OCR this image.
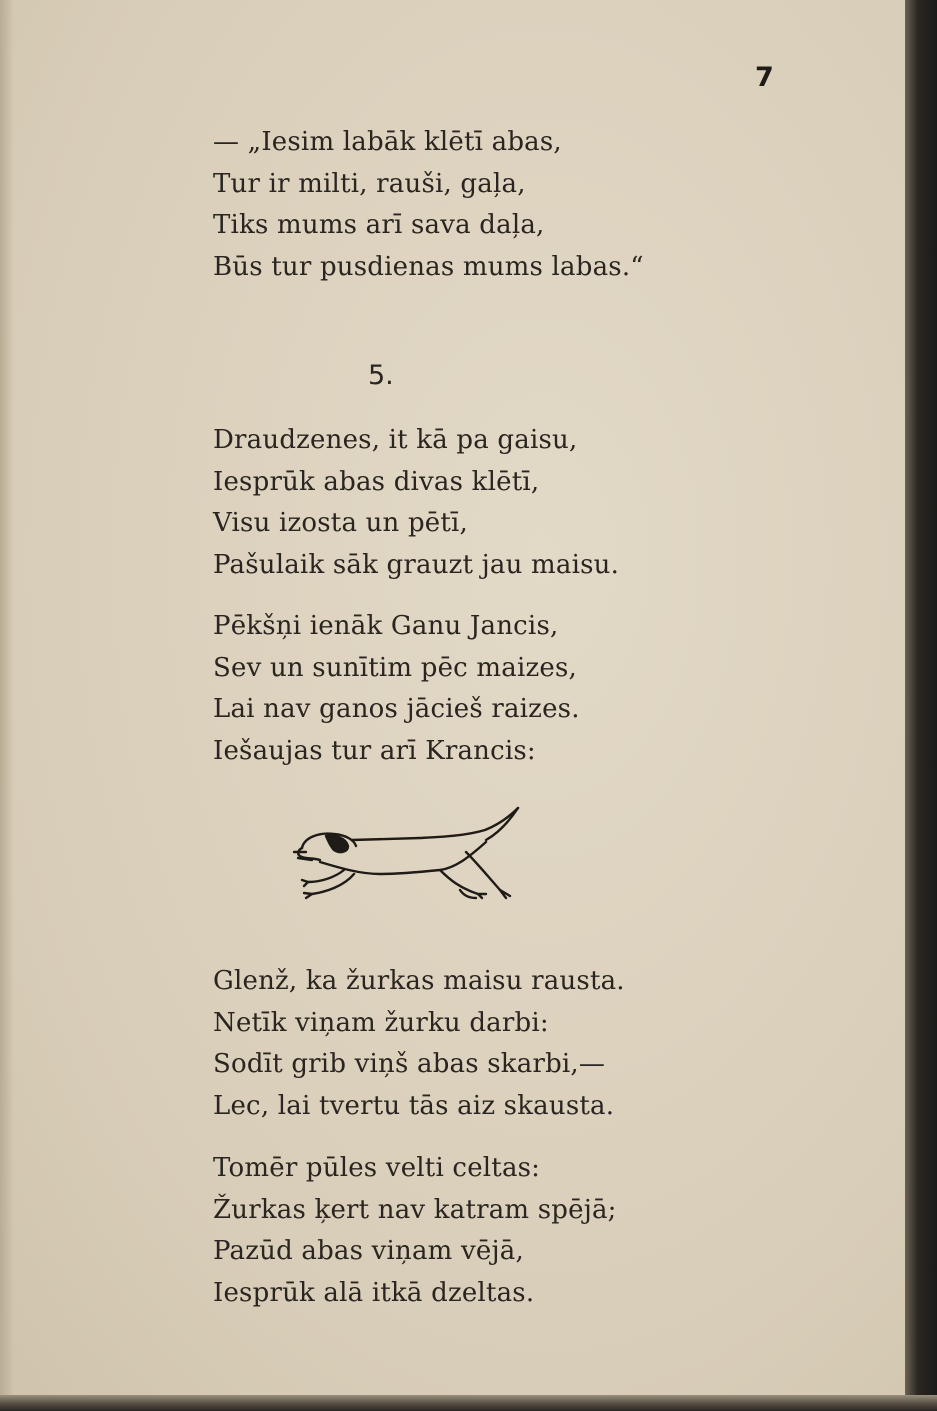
7
— „Iesim labāk klētī abas,
Tur ir milti, rauši, gaļa,
Tiks mums arī sava daļa,
Būs tur pusdienas mums labas.“
5.
Draudzenes, it kā pa gaisu,
Iesprūk abas divas klētī,
Visu izosta un pētī,
Pašulaik sāk grauzt jau maisu.
Pēkšņi ienāk Ganu Jancis,
Sev un sunītim pēc maizes,
Lai nav ganos jācieš raizes.
Iešaujas tur arī Krancis:
Glenž, ka žurkas maisu rausta.
Netīk viņam žurku darbi:
Sodīt grib viņš abas skarbi,—
Lec, lai tvertu tās aiz skausta.
Tomēr pūles velti celtas:
Žurkas ķert nav katram spējā;
Pazūd abas viņam vējā,
Iesprūk alā itkā dzeltas.
